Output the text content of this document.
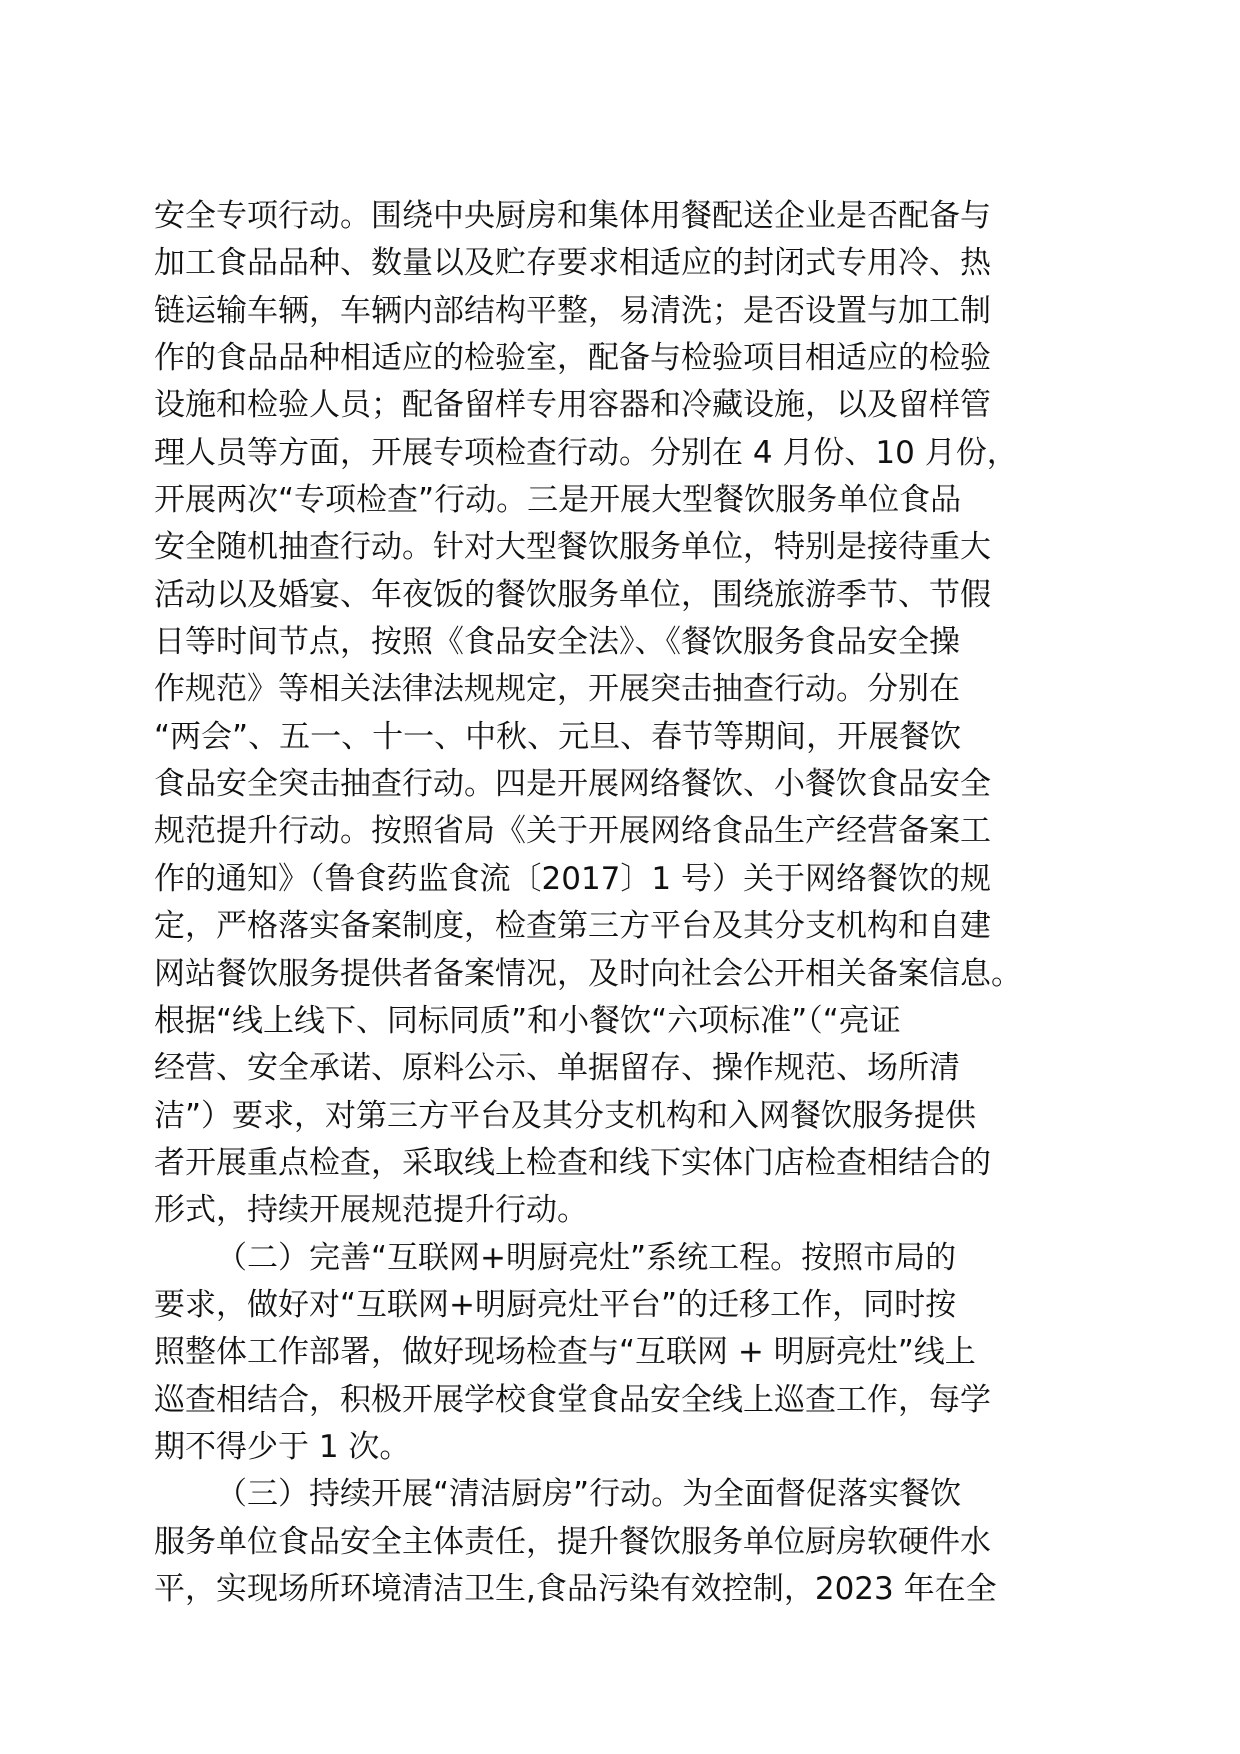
安全专项行动。围绕中央厨房和集体用餐配送企业是否配备与
加工食品品种、数量以及贮存要求相适应的封闭式专用冷、热
链运输车辆，车辆内部结构平整，易清洗；是否设置与加工制
作的食品品种相适应的检验室，配备与检验项目相适应的检验
设施和检验人员；配备留样专用容器和冷藏设施，以及留样管
理人员等方面，开展专项检查行动。分别在 4 月份、10 月份，
开展两次“专项检查”行动。三是开展大型餐饮服务单位食品
安全随机抽查行动。针对大型餐饮服务单位，特别是接待重大
活动以及婚宴、年夜饭的餐饮服务单位，围绕旅游季节、节假
日等时间节点，按照《食品安全法》、《餐饮服务食品安全操
作规范》等相关法律法规规定，开展突击抽查行动。分别在
“两会”、五一、十一、中秋、元旦、春节等期间，开展餐饮
食品安全突击抽查行动。四是开展网络餐饮、小餐饮食品安全
规范提升行动。按照省局《关于开展网络食品生产经营备案工
作的通知》（鲁食药监食流〔2017〕1 号）关于网络餐饮的规
定，严格落实备案制度，检查第三方平台及其分支机构和自建
网站餐饮服务提供者备案情况，及时向社会公开相关备案信息。
根据“线上线下、同标同质”和小餐饮“六项标准”（“亮证
经营、安全承诺、原料公示、单据留存、操作规范、场所清
洁”）要求，对第三方平台及其分支机构和入网餐饮服务提供
者开展重点检查，采取线上检查和线下实体门店检查相结合的
形式，持续开展规范提升行动。
（二）完善“互联网+明厨亮灶”系统工程。按照市局的
要求，做好对“互联网+明厨亮灶平台”的迁移工作，同时按
照整体工作部署，做好现场检查与“互联网 + 明厨亮灶”线上
巡查相结合，积极开展学校食堂食品安全线上巡查工作，每学
期不得少于 1 次。
（三）持续开展“清洁厨房”行动。为全面督促落实餐饮
服务单位食品安全主体责任，提升餐饮服务单位厨房软硬件水
平，实现场所环境清洁卫生,食品污染有效控制，2023 年在全
